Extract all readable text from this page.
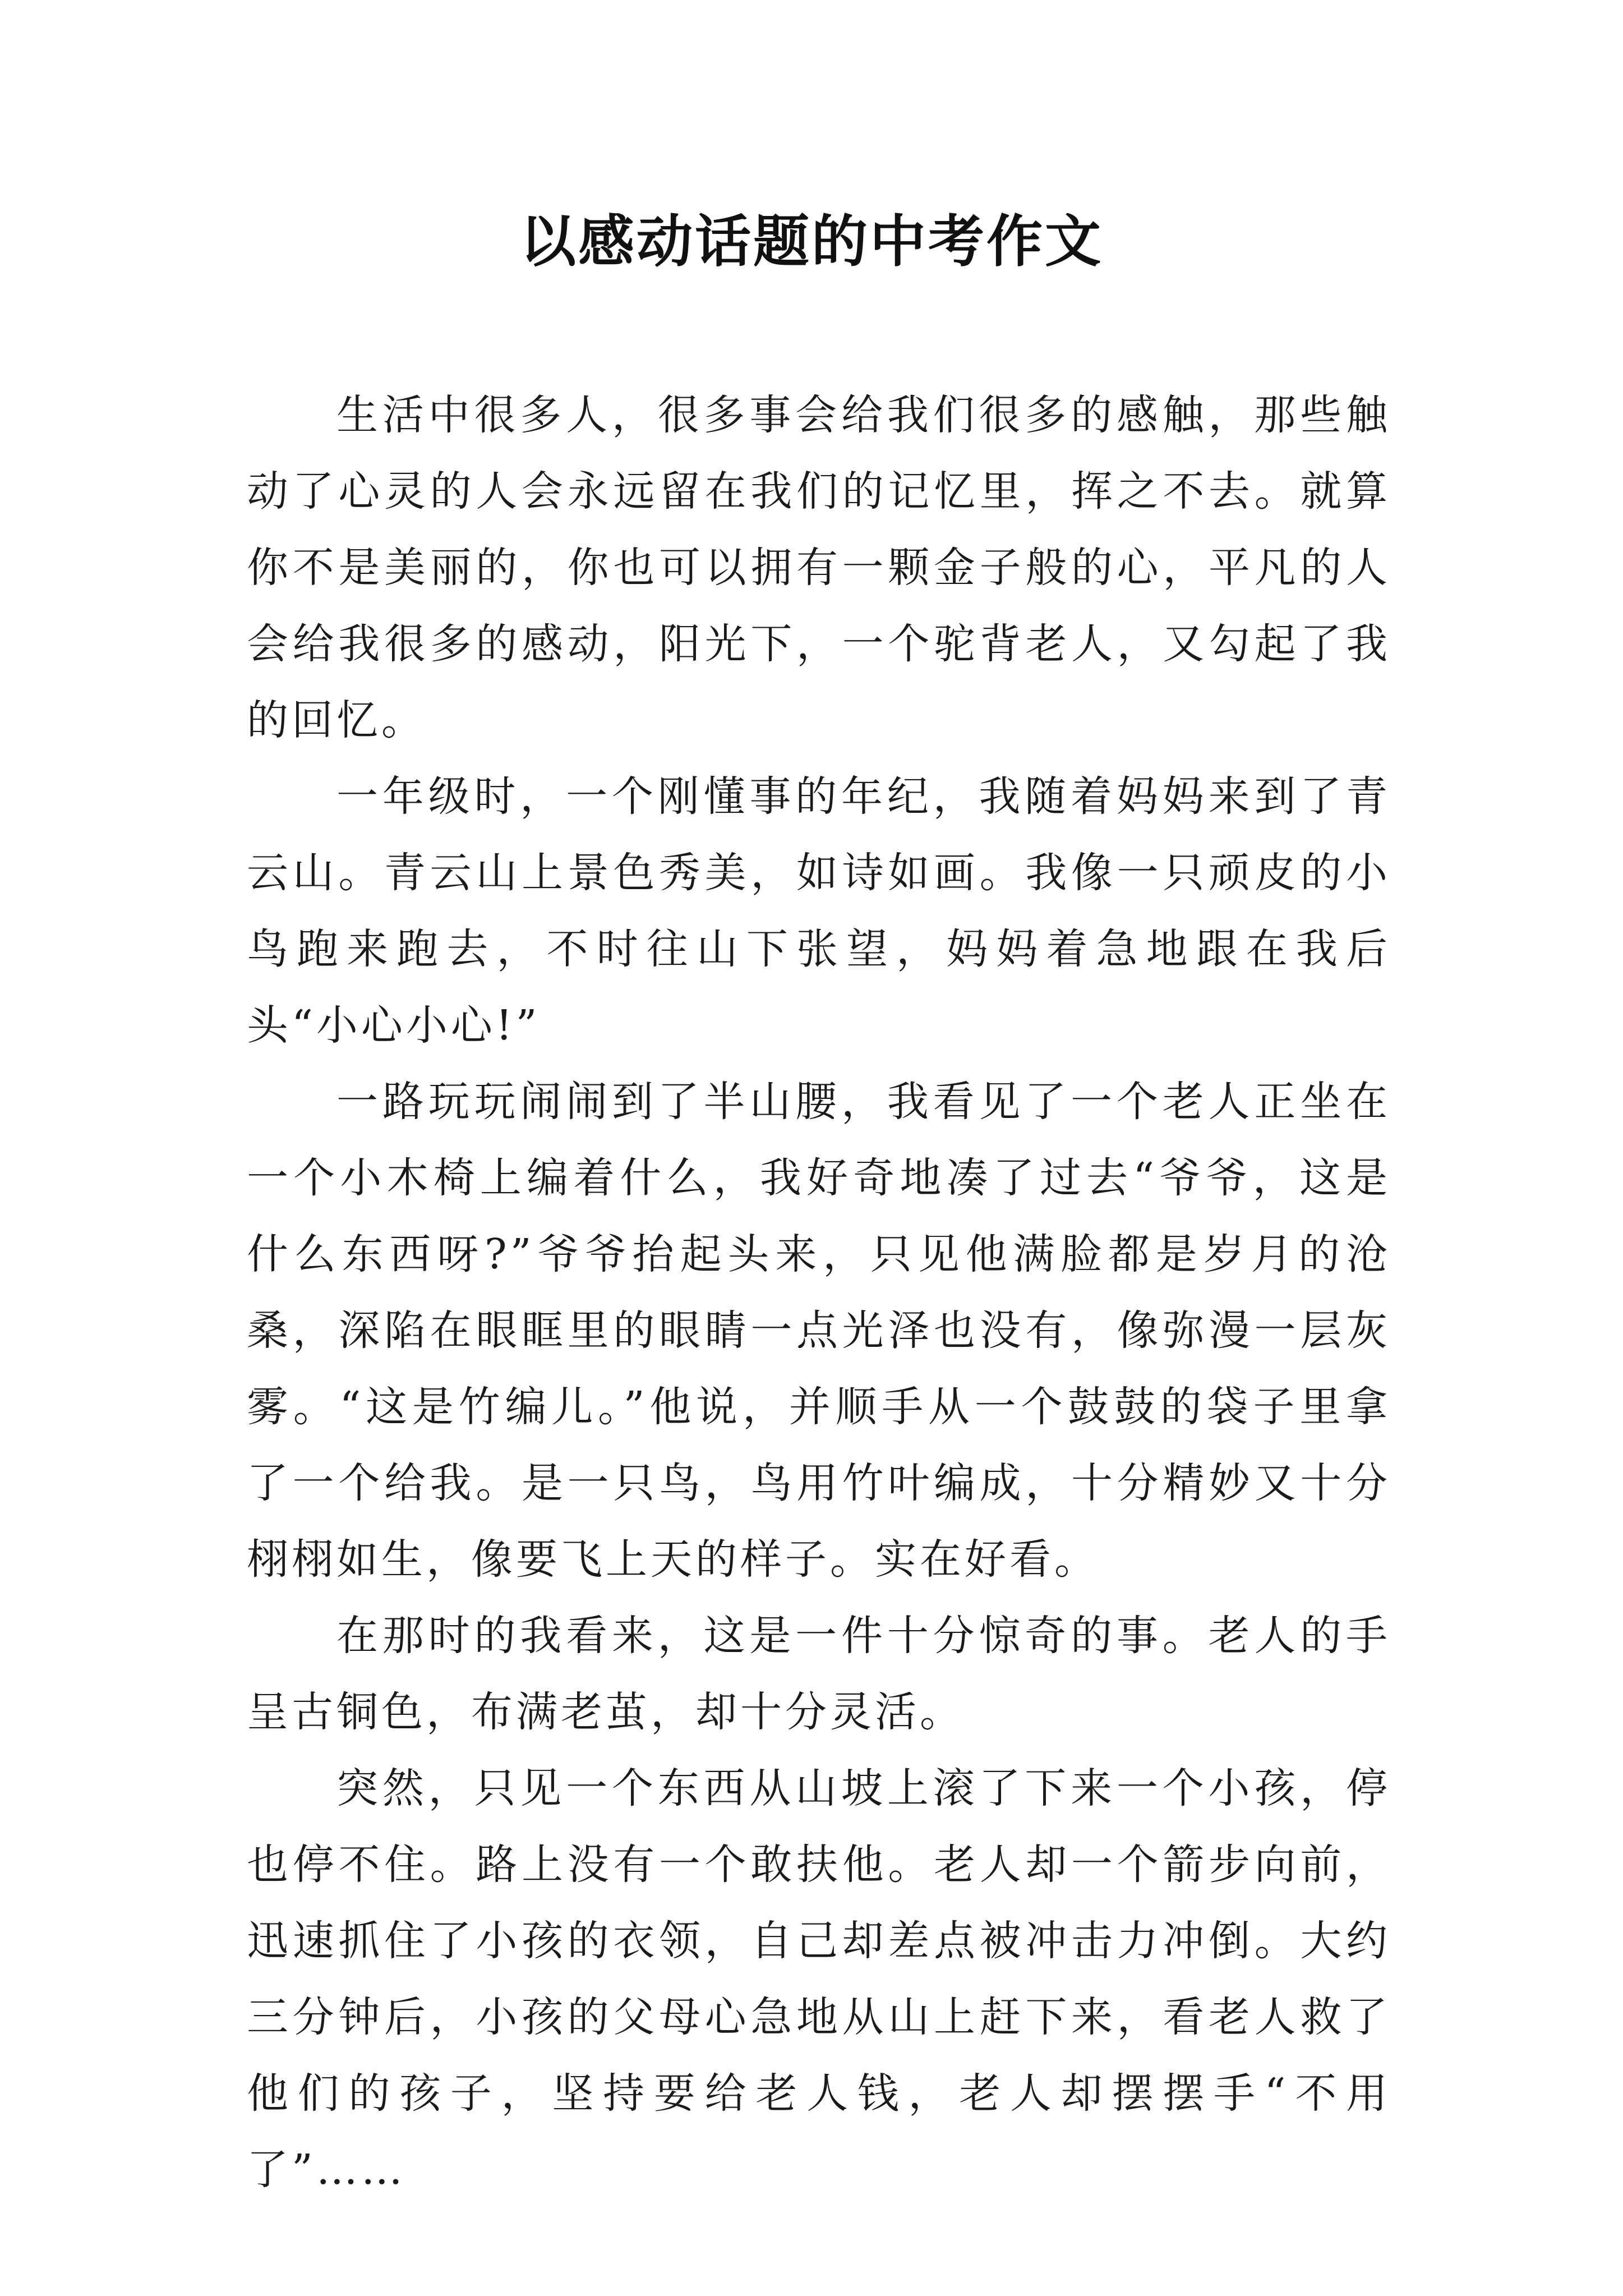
以感动话题的中考作文

生活中很多人，很多事会给我们很多的感触，那些触动了心灵的人会永远留在我们的记忆里，挥之不去。就算你不是美丽的，你也可以拥有一颗金子般的心，平凡的人会给我很多的感动，阳光下，一个驼背老人，又勾起了我的回忆。

一年级时，一个刚懂事的年纪，我随着妈妈来到了青云山。青云山上景色秀美，如诗如画。我像一只顽皮的小鸟跑来跑去，不时往山下张望，妈妈着急地跟在我后头“小心小心!”

一路玩玩闹闹到了半山腰，我看见了一个老人正坐在一个小木椅上编着什么，我好奇地凑了过去“爷爷，这是什么东西呀?”爷爷抬起头来，只见他满脸都是岁月的沧桑，深陷在眼眶里的眼睛一点光泽也没有，像弥漫一层灰雾。“这是竹编儿。”他说，并顺手从一个鼓鼓的袋子里拿了一个给我。是一只鸟，鸟用竹叶编成，十分精妙又十分栩栩如生，像要飞上天的样子。实在好看。

在那时的我看来，这是一件十分惊奇的事。老人的手呈古铜色，布满老茧，却十分灵活。

突然，只见一个东西从山坡上滚了下来一个小孩，停也停不住。路上没有一个敢扶他。老人却一个箭步向前，迅速抓住了小孩的衣领，自己却差点被冲击力冲倒。大约三分钟后，小孩的父母心急地从山上赶下来，看老人救了他们的孩子，坚持要给老人钱，老人却摆摆手“不用了”……
